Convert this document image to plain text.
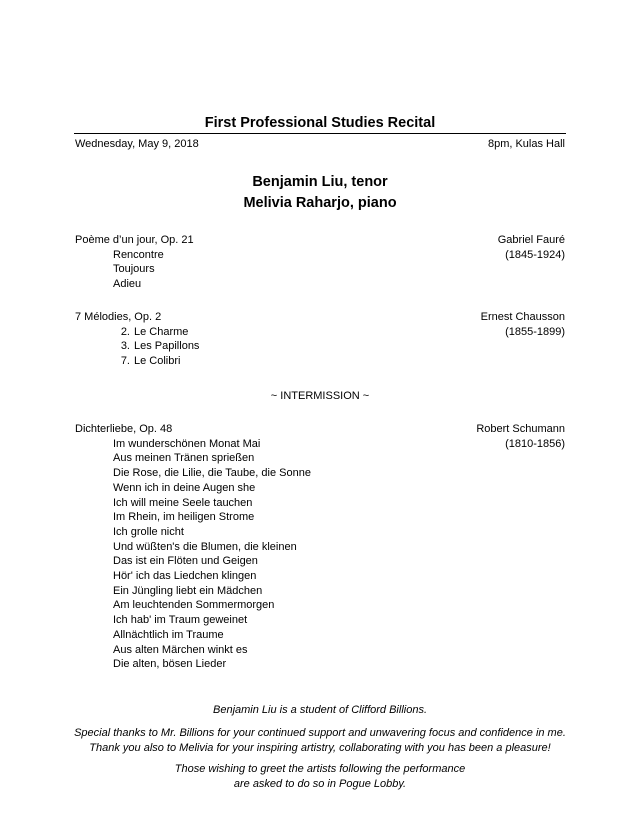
First Professional Studies Recital
Wednesday, May 9, 2018	8pm, Kulas Hall
Benjamin Liu, tenor
Melivia Raharjo, piano
Poème d’un jour, Op. 21	Gabriel Fauré
Rencontre	(1845-1924)
Toujours
Adieu
7 Mélodies, Op. 2	Ernest Chausson
2. Le Charme	(1855-1899)
3. Les Papillons
7. Le Colibri
~ INTERMISSION ~
Dichterliebe, Op. 48	Robert Schumann
Im wunderschönen Monat Mai	(1810-1856)
Aus meinen Tränen sprießen
Die Rose, die Lilie, die Taube, die Sonne
Wenn ich in deine Augen she
Ich will meine Seele tauchen
Im Rhein, im heiligen Strome
Ich grolle nicht
Und wüßten's die Blumen, die kleinen
Das ist ein Flöten und Geigen
Hör' ich das Liedchen klingen
Ein Jüngling liebt ein Mädchen
Am leuchtenden Sommermorgen
Ich hab' im Traum geweinet
Allnächtlich im Traume
Aus alten Märchen winkt es
Die alten, bösen Lieder
Benjamin Liu is a student of Clifford Billions.
Special thanks to Mr. Billions for your continued support and unwavering focus and confidence in me. Thank you also to Melivia for your inspiring artistry, collaborating with you has been a pleasure!
Those wishing to greet the artists following the performance
are asked to do so in Pogue Lobby.
